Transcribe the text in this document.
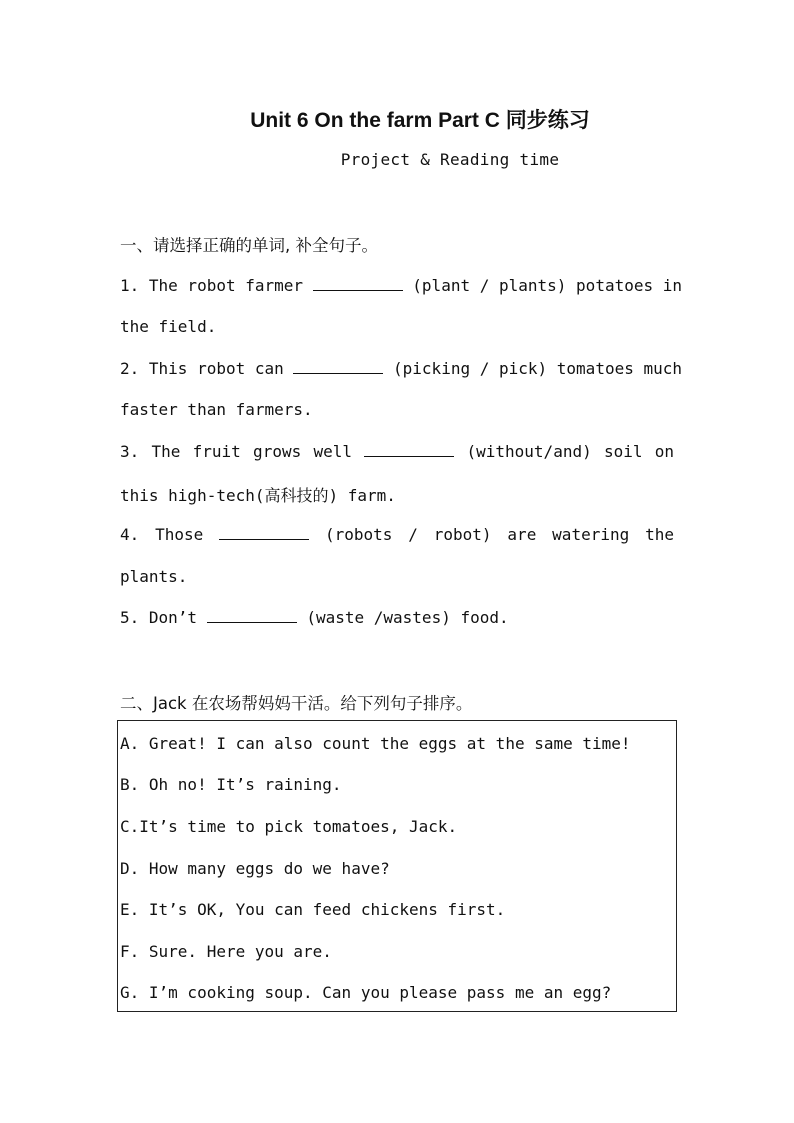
Unit 6 On the farm Part C 同步练习
Project & Reading time
一、请选择正确的单词, 补全句子。
1. The robot farmer	(plant / plants) potatoes in
the field.
2. This robot can	(picking / pick) tomatoes much
faster than farmers.
3. The fruit grows well	(without/and) soil on
this high-tech(高科技的) farm.
4. Those	(robots / robot) are watering the
plants.
5. Don’t	(waste /wastes) food.
二、Jack 在农场帮妈妈干活。给下列句子排序。
A. Great! I can also count the eggs at the same time!
B. Oh no! It’s raining.
C.It’s time to pick tomatoes, Jack.
D. How many eggs do we have?
E. It’s OK, You can feed chickens first.
F. Sure. Here you are.
G. I’m cooking soup. Can you please pass me an egg?
